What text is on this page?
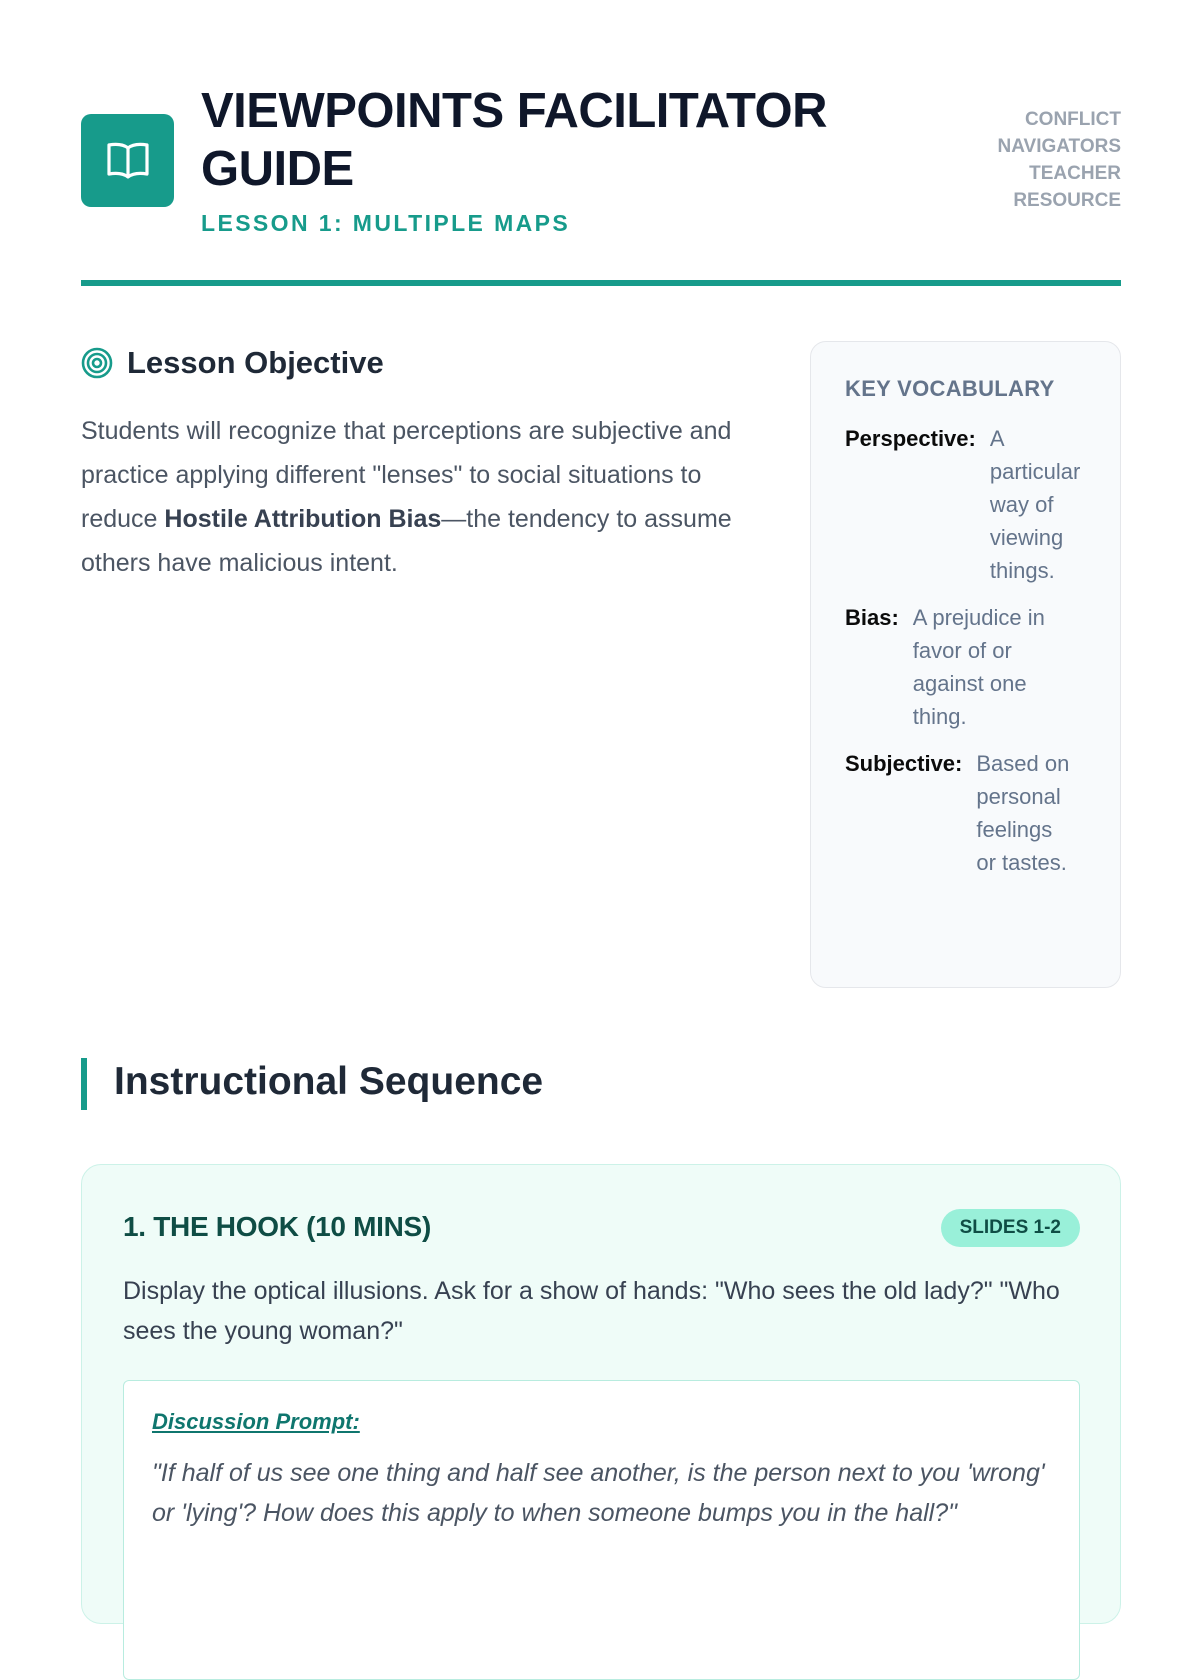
VIEWPOINTS FACILITATOR GUIDE
LESSON 1: MULTIPLE MAPS
CONFLICT NAVIGATORS TEACHER RESOURCE
Lesson Objective
Students will recognize that perceptions are subjective and practice applying different "lenses" to social situations to reduce Hostile Attribution Bias—the tendency to assume others have malicious intent.
KEY VOCABULARY
Perspective: A particular way of viewing things.
Bias: A prejudice in favor of or against one thing.
Subjective: Based on personal feelings or tastes.
Instructional Sequence
1. THE HOOK (10 MINS)	SLIDES 1-2
Display the optical illusions. Ask for a show of hands: "Who sees the old lady?" "Who sees the young woman?"
Discussion Prompt:
"If half of us see one thing and half see another, is the person next to you 'wrong' or 'lying'? How does this apply to when someone bumps you in the hall?"
